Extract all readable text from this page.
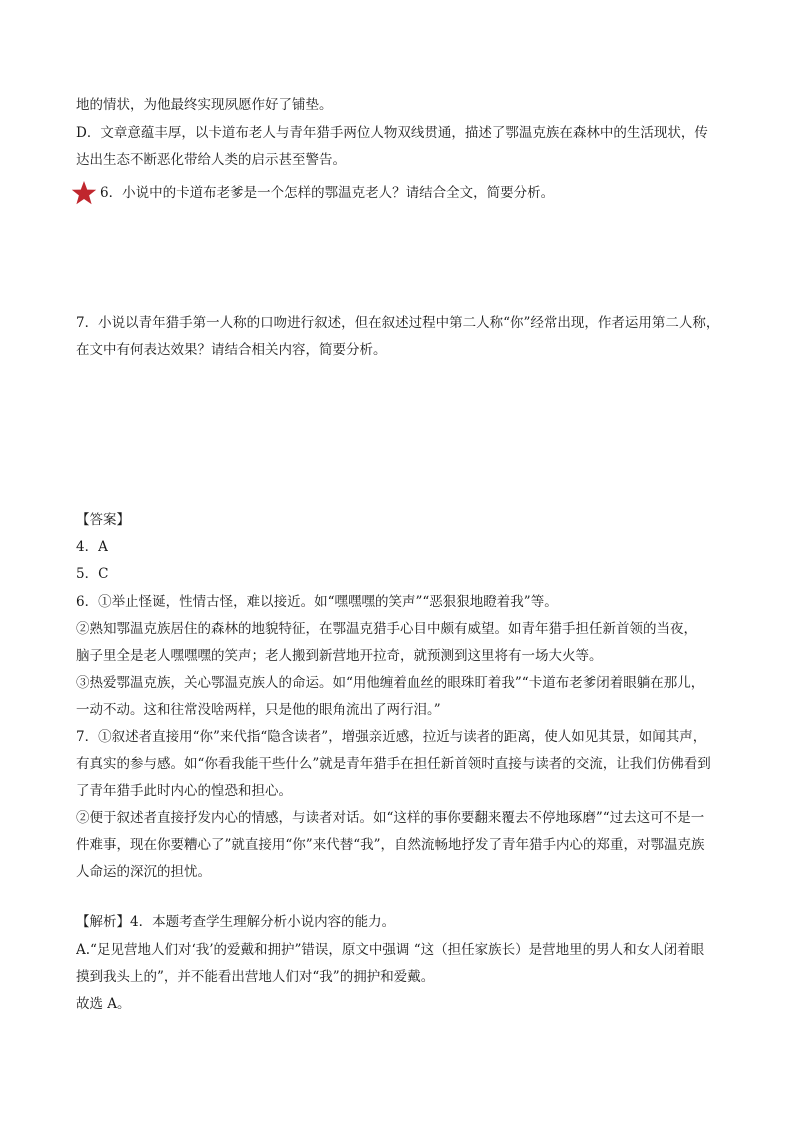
地的情状，为他最终实现夙愿作好了铺垫。
D．文章意蕴丰厚，以卡道布老人与青年猎手两位人物双线贯通，描述了鄂温克族在森林中的生活现状，传
达出生态不断恶化带给人类的启示甚至警告。
6．小说中的卡道布老爹是一个怎样的鄂温克老人？请结合全文，简要分析。
7．小说以青年猎手第一人称的口吻进行叙述，但在叙述过程中第二人称“你”经常出现，作者运用第二人称，
在文中有何表达效果？请结合相关内容，简要分析。
【答案】
4．A
5．C
6．①举止怪诞，性情古怪，难以接近。如“嘿嘿嘿的笑声”“恶狠狠地瞪着我”等。
②熟知鄂温克族居住的森林的地貌特征，在鄂温克猎手心目中颇有威望。如青年猎手担任新首领的当夜，
脑子里全是老人嘿嘿嘿的笑声；老人搬到新营地开拉奇，就预测到这里将有一场大火等。
③热爱鄂温克族，关心鄂温克族人的命运。如“用他缠着血丝的眼珠盯着我”“卡道布老爹闭着眼躺在那儿，
一动不动。这和往常没啥两样，只是他的眼角流出了两行泪。”
7．①叙述者直接用“你”来代指“隐含读者”，增强亲近感，拉近与读者的距离，使人如见其景，如闻其声，
有真实的参与感。如“你看我能干些什么”就是青年猎手在担任新首领时直接与读者的交流，让我们仿佛看到
了青年猎手此时内心的惶恐和担心。
②便于叙述者直接抒发内心的情感，与读者对话。如“这样的事你要翻来覆去不停地琢磨”“过去这可不是一
件难事，现在你要糟心了”就直接用“你”来代替“我”，自然流畅地抒发了青年猎手内心的郑重，对鄂温克族
人命运的深沉的担忧。
【解析】4．本题考查学生理解分析小说内容的能力。
A.“足见营地人们对‘我’的爱戴和拥护”错误，原文中强调 “这（担任家族长）是营地里的男人和女人闭着眼
摸到我头上的”，并不能看出营地人们对“我”的拥护和爱戴。
故选 A。
